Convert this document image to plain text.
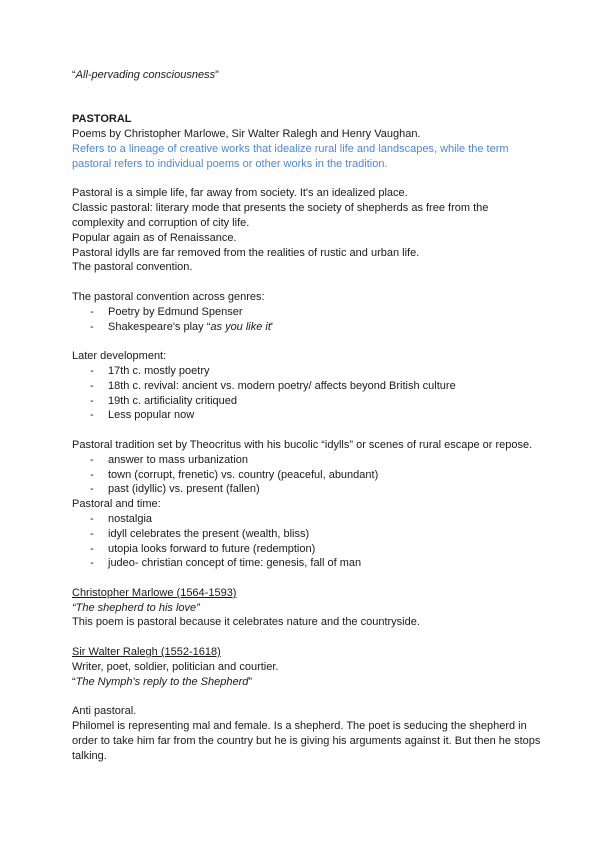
“All-pervading consciousness”

PASTORAL

Poems by Christopher Marlowe, Sir Walter Ralegh and Henry Vaughan.

Refers to a lineage of creative works that idealize rural life and landscapes, while the term pastoral refers to individual poems or other works in the tradition.

Pastoral is a simple life, far away from society. It's an idealized place.

Classic pastoral: literary mode that presents the society of shepherds as free from the complexity and corruption of city life.

Popular again as of Renaissance.

Pastoral idylls are far removed from the realities of rustic and urban life.

The pastoral convention.

The pastoral convention across genres:

- Poetry by Edmund Spenser
- Shakespeare's play “as you like it'

Later development:

- 17th c. mostly poetry
- 18th c. revival: ancient vs. modern poetry/ affects beyond British culture
- 19th c. artificiality critiqued
- Less popular now

Pastoral tradition set by Theocritus with his bucolic “idylls” or scenes of rural escape or repose.

- answer to mass urbanization
- town (corrupt, frenetic) vs. country (peaceful, abundant)
- past (idyllic) vs. present (fallen)

Pastoral and time:

- nostalgia
- idyll celebrates the present (wealth, bliss)
- utopia looks forward to future (redemption)
- judeo- christian concept of time: genesis, fall of man

Christopher Marlowe (1564-1593)

“The shepherd to his love”

This poem is pastoral because it celebrates nature and the countryside.

Sir Walter Ralegh (1552-1618)

Writer, poet, soldier, politician and courtier.

“The Nymph's reply to the Shepherd”

Anti pastoral.

Philomel is representing mal and female. Is a shepherd. The poet is seducing the shepherd in order to take him far from the country but he is giving his arguments against it. But then he stops talking.
